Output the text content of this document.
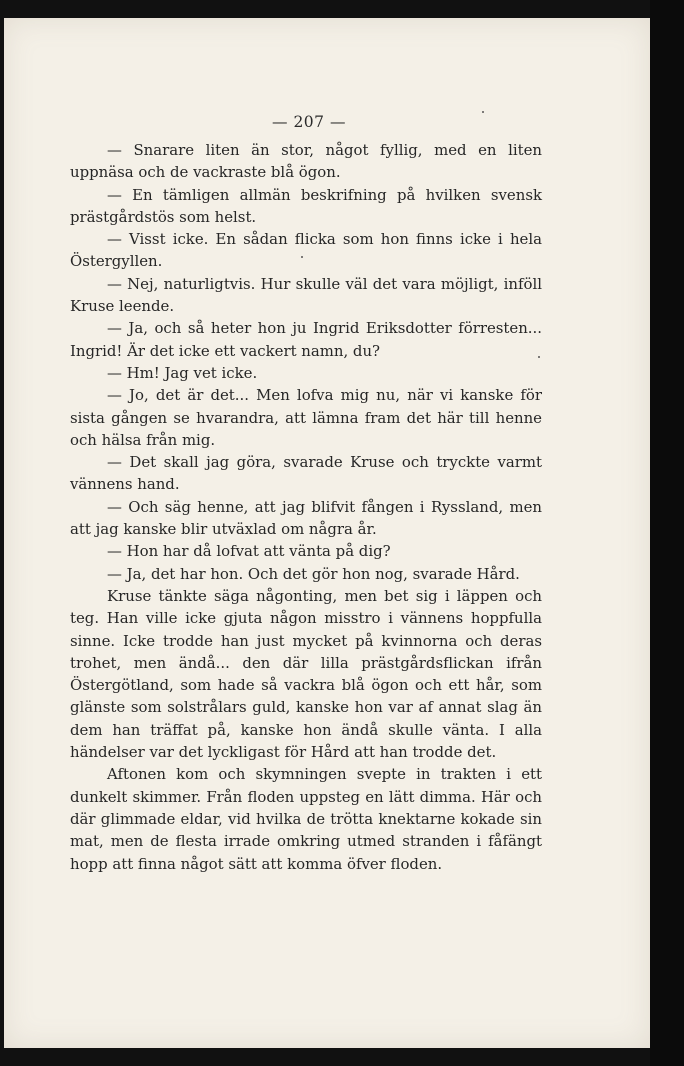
— 207 —

— Snarare liten än stor, något fyllig, med en liten uppnäsa och de vackraste blå ögon.

— En tämligen allmän beskrifning på hvilken svensk prästgårdstös som helst.

— Visst icke. En sådan flicka som hon finns icke i hela Östergyllen.

— Nej, naturligtvis. Hur skulle väl det vara möjligt, inföll Kruse leende.

— Ja, och så heter hon ju Ingrid Eriksdotter förresten... Ingrid! Är det icke ett vackert namn, du?

— Hm! Jag vet icke.

— Jo, det är det... Men lofva mig nu, när vi kanske för sista gången se hvarandra, att lämna fram det här till henne och hälsa från mig.

— Det skall jag göra, svarade Kruse och tryckte varmt vännens hand.

— Och säg henne, att jag blifvit fången i Ryssland, men att jag kanske blir utväxlad om några år.

— Hon har då lofvat att vänta på dig?

— Ja, det har hon. Och det gör hon nog, svarade Hård.

Kruse tänkte säga någonting, men bet sig i läppen och teg. Han ville icke gjuta någon misstro i vännens hoppfulla sinne. Icke trodde han just mycket på kvinnorna och deras trohet, men ändå... den där lilla prästgårdsflickan ifrån Östergötland, som hade så vackra blå ögon och ett hår, som glänste som solstrålars guld, kanske hon var af annat slag än dem han träffat på, kanske hon ändå skulle vänta. I alla händelser var det lyckligast för Hård att han trodde det.

Aftonen kom och skymningen svepte in trakten i ett dunkelt skimmer. Från floden uppsteg en lätt dimma. Här och där glimmade eldar, vid hvilka de trötta knektarne kokade sin mat, men de flesta irrade omkring utmed stranden i fåfängt hopp att finna något sätt att komma öfver floden.
